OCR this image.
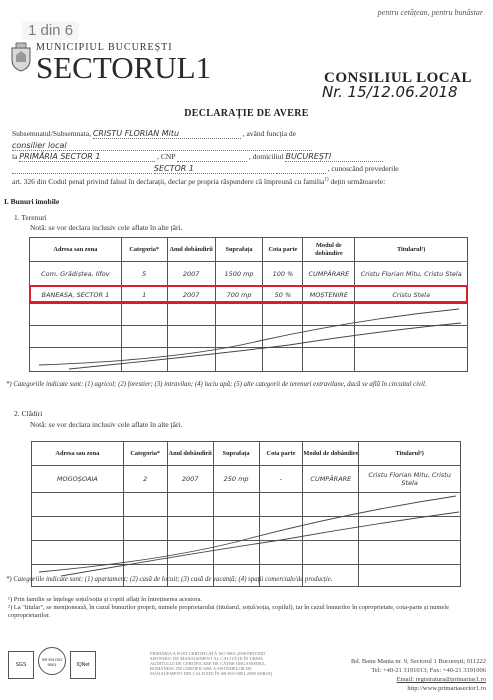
1 din 6
pentru cetățean, pentru bunăstar
MUNICIPIUL BUCUREȘTI
SECTORUL1	CONSILIUL LOCAL
Nr. 15/12.06.2018
DECLARAȚIE DE AVERE
Subsemnatul/Subsemnata, CRISTU FLORIAN Mitu	, având funcția de
consilier local
la PRIMĂRIA SECTOR 1	, CNP	, domiciliul BUCUREȘTI
SECTOR 1	, cunoscând prevederile
art. 326 din Codul penal privind falsul în declarații, declar pe propria răspundere că împreună cu familia$^{1)}$ dețin următoarele:
I. Bunuri imobile
1. Terenuri
Notă: se vor declara inclusiv cele aflate în alte țări.
Adresa sau zona	Categoria*	Anul dobândirii	Suprafața	Cota parte	Modul de dobândire	Titularul²)
Com. Grădiștea, Ilfov	5	2007	1500 mp	100 %	CUMPĂRARE	Cristu Florian Mitu, Cristu Stela
BANEASA, SECTOR 1	1	2007	700 mp	50 %	MOȘTENIRE	Cristu Stela

*) Categoriile indicate sunt: (1) agricol; (2) forestier; (3) intravilan; (4) luciu apă; (5) alte categorii de terenuri extravilane, dacă se află în circuitul civil.
2. Clădiri
Notă: se vor declara inclusiv cele aflate în alte țări.
Adresa sau zona	Categoria*	Anul dobândirii	Suprafața	Cota parte	Modul de dobândire	Titularul²)
MOGOȘOAIA	2	2007	250 mp	-	CUMPĂRARE	Cristu Florian Mitu, Cristu Stela

*) Categoriile indicate sunt: (1) apartament; (2) casă de locuit; (3) casă de vacanță; (4) spații comerciale/de producție.
¹) Prin familie se înțelege soțul/soția și copiii aflați în întreținerea acestora.
²) La "titular", se menționează, în cazul bunurilor proprii, numele proprietarului (titularul, soțul/soția, copilul), iar în cazul bunurilor în coproprietate, cota-parte și numele coproprietarilor.
SGS
SR EN ISO 9001	IQNet
PRIMĂRIA A FOST CERTIFICATĂ ISO 9001:2008 PRIVIND SISTEMUL DE MANAGEMENT AL CALITĂȚII ÎN URMA AUDITULUI DE CERTIFICARE DE CĂTRE ORGANISMUL ROMÂNESC DE CERTIFICARE A SISTEMELOR DE MANAGEMENT DIN CALITATE ÎN SR-ISO-9001:2008 AEROQ
Bd. Banu Manta nr. 9, Sectorul 1 București; 011222
Tel: +40-21 3191013; Fax: +40-21 3191006
Email: registratura@primarias1.ro
http://www.primariasector1.ro
